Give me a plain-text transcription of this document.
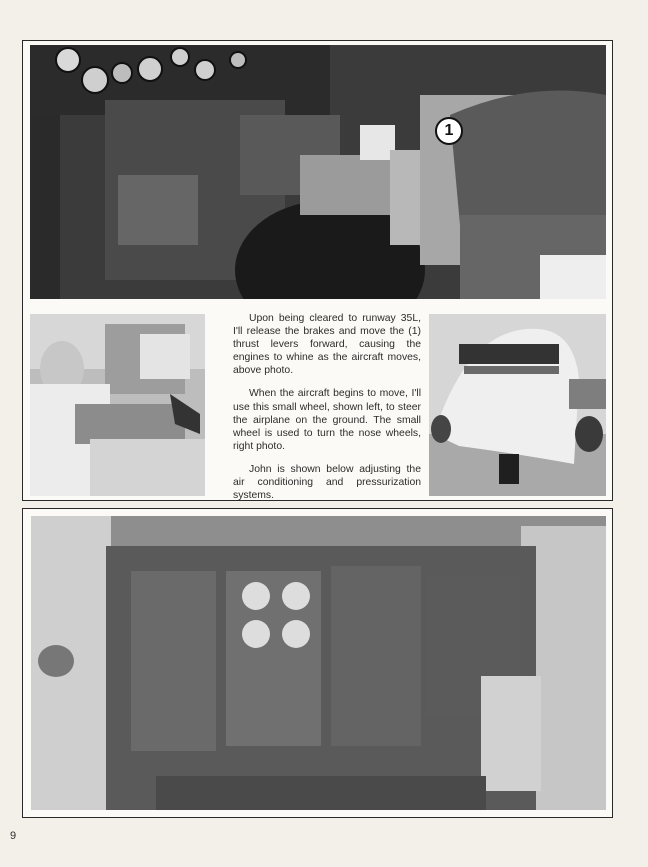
1

Upon being cleared to runway 35L, I'll release the brakes and move the (1) thrust levers forward, causing the engines to whine as the aircraft moves, above photo.

When the aircraft begins to move, I'll use this small wheel, shown left, to steer the airplane on the ground. The small wheel is used to turn the nose wheels, right photo.

John is shown below adjusting the air conditioning and pressurization systems.

9
